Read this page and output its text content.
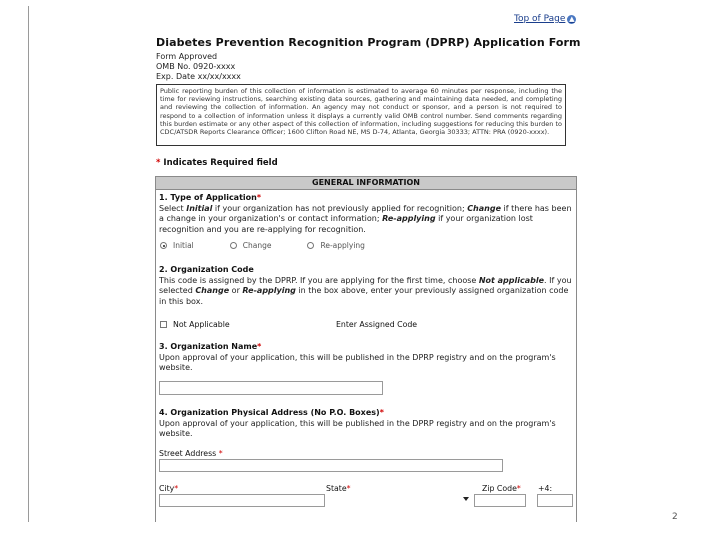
Top of Page ▲
Diabetes Prevention Recognition Program (DPRP) Application Form
Form Approved
OMB No. 0920-xxxx
Exp. Date xx/xx/xxxx
Public reporting burden of this collection of information is estimated to average 60 minutes per response, including the time for reviewing instructions, searching existing data sources, gathering and maintaining data needed, and completing and reviewing the collection of information. An agency may not conduct or sponsor, and a person is not required to respond to a collection of information unless it displays a currently valid OMB control number. Send comments regarding this burden estimate or any other aspect of this collection of information, including suggestions for reducing this burden to CDC/ATSDR Reports Clearance Officer; 1600 Clifton Road NE, MS D-74, Atlanta, Georgia 30333; ATTN: PRA (0920-xxxx).
* Indicates Required field
GENERAL INFORMATION
1. Type of Application*
Select Initial if your organization has not previously applied for recognition; Change if there has been a change in your organization's or contact information; Re-applying if your organization lost recognition and you are re-applying for recognition.
Initial	Change	Re-applying
2. Organization Code
This code is assigned by the DPRP. If you are applying for the first time, choose Not applicable. If you selected Change or Re-applying in the box above, enter your previously assigned organization code in this box.
Not Applicable	Enter Assigned Code
3. Organization Name*
Upon approval of your application, this will be published in the DPRP registry and on the program's website.
4. Organization Physical Address (No P.O. Boxes)*
Upon approval of your application, this will be published in the DPRP registry and on the program's website.
Street Address *
City*	State*	Zip Code* +4:
2
